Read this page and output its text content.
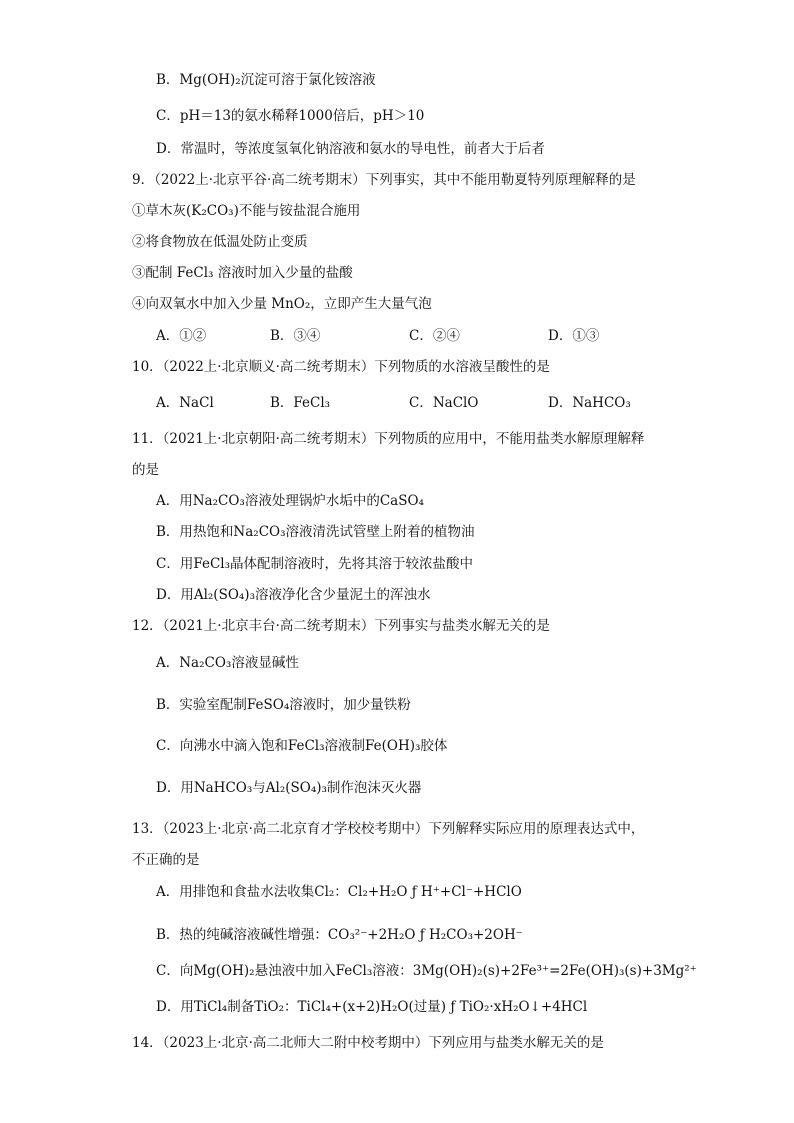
B．Mg(OH)₂沉淀可溶于氯化铵溶液
C．pH＝13的氨水稀释1000倍后，pH＞10
D．常温时，等浓度氢氧化钠溶液和氨水的导电性，前者大于后者
9．（2022上·北京平谷·高二统考期末）下列事实，其中不能用勒夏特列原理解释的是
①草木灰(K₂CO₃)不能与铵盐混合施用
②将食物放在低温处防止变质
③配制 FeCl₃ 溶液时加入少量的盐酸
④向双氧水中加入少量 MnO₂，立即产生大量气泡
A．①②	B．③④	C．②④	D．①③
10．（2022上·北京顺义·高二统考期末）下列物质的水溶液呈酸性的是
A．NaCl	B．FeCl₃	C．NaClO	D．NaHCO₃
11．（2021上·北京朝阳·高二统考期末）下列物质的应用中，不能用盐类水解原理解释
的是
A．用Na₂CO₃溶液处理锅炉水垢中的CaSO₄
B．用热饱和Na₂CO₃溶液清洗试管壁上附着的植物油
C．用FeCl₃晶体配制溶液时，先将其溶于较浓盐酸中
D．用Al₂(SO₄)₃溶液净化含少量泥土的浑浊水
12．（2021上·北京丰台·高二统考期末）下列事实与盐类水解无关的是
A．Na₂CO₃溶液显碱性
B．实验室配制FeSO₄溶液时，加少量铁粉
C．向沸水中滴入饱和FeCl₃溶液制Fe(OH)₃胶体
D．用NaHCO₃与Al₂(SO₄)₃制作泡沫灭火器
13．（2023上·北京·高二北京育才学校校考期中）下列解释实际应用的原理表达式中，
不正确的是
A．用排饱和食盐水法收集Cl₂：Cl₂+H₂O ƒ H⁺+Cl⁻+HClO
B．热的纯碱溶液碱性增强：CO₃²⁻+2H₂O ƒ H₂CO₃+2OH⁻
C．向Mg(OH)₂悬浊液中加入FeCl₃溶液：3Mg(OH)₂(s)+2Fe³⁺=2Fe(OH)₃(s)+3Mg²⁺
D．用TiCl₄制备TiO₂：TiCl₄+(x+2)H₂O(过量) ƒ TiO₂·xH₂O↓+4HCl
14．（2023上·北京·高二北师大二附中校考期中）下列应用与盐类水解无关的是
